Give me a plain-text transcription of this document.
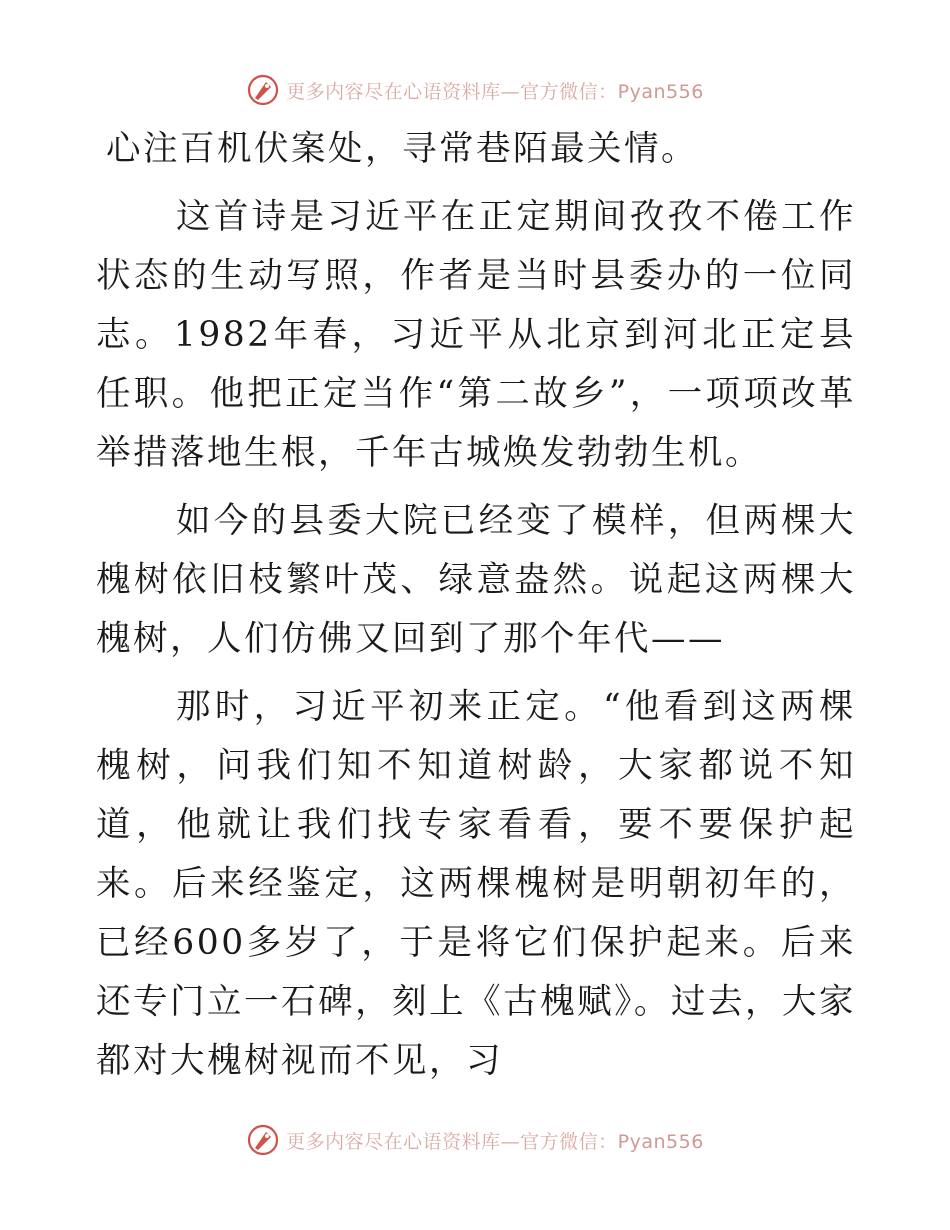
更多内容尽在心语资料库—官方微信：Pyan556

心注百机伏案处，寻常巷陌最关情。

这首诗是习近平在正定期间孜孜不倦工作状态的生动写照，作者是当时县委办的一位同志。1982年春，习近平从北京到河北正定县任职。他把正定当作“第二故乡”，一项项改革举措落地生根，千年古城焕发勃勃生机。

如今的县委大院已经变了模样，但两棵大槐树依旧枝繁叶茂、绿意盎然。说起这两棵大槐树，人们仿佛又回到了那个年代——

那时，习近平初来正定。“他看到这两棵槐树，问我们知不知道树龄，大家都说不知道，他就让我们找专家看看，要不要保护起来。后来经鉴定，这两棵槐树是明朝初年的，已经600多岁了，于是将它们保护起来。后来还专门立一石碑，刻上《古槐赋》。过去，大家都对大槐树视而不见，习

更多内容尽在心语资料库—官方微信：Pyan556
